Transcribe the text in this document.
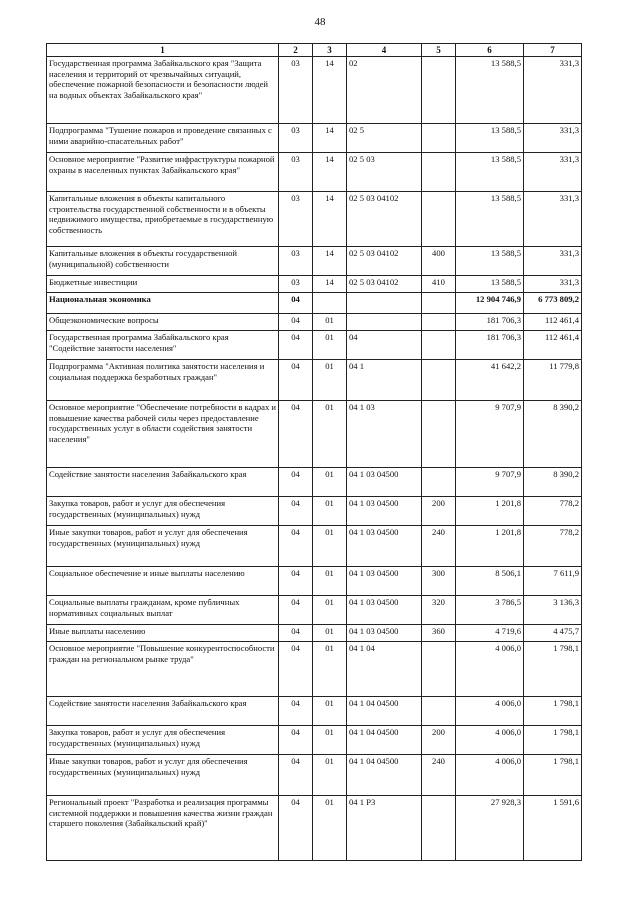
48
1	2	3	4	5	6	7
Государственная программа Забайкальского края "Защита населения и территорий от чрезвычайных ситуаций, обеспечение пожарной безопасности и безопасности людей на водных объектах Забайкальского края"	03	14	02		13 588,5	331,3
Подпрограмма "Тушение пожаров и проведение связанных с ними аварийно-спасательных работ"	03	14	02 5		13 588,5	331,3
Основное мероприятие "Развитие инфраструктуры пожарной охраны в населенных пунктах Забайкальского края"	03	14	02 5 03		13 588,5	331,3
Капитальные вложения в объекты капитального строительства государственной собственности и в объекты недвижимого имущества, приобретаемые в государственную собственность	03	14	02 5 03 04102		13 588,5	331,3
Капитальные вложения в объекты государственной (муниципальной) собственности	03	14	02 5 03 04102	400	13 588,5	331,3
Бюджетные инвестиции	03	14	02 5 03 04102	410	13 588,5	331,3
Национальная экономика	04				12 904 746,9	6 773 809,2
Общеэкономические вопросы	04	01			181 706,3	112 461,4
Государственная программа Забайкальского края "Содействие занятости населения"	04	01	04		181 706,3	112 461,4
Подпрограмма "Активная политика занятости населения и социальная поддержка безработных граждан"	04	01	04 1		41 642,2	11 779,8
Основное мероприятие "Обеспечение потребности в кадрах и повышение качества рабочей силы через предоставление государственных услуг в области содействия занятости населения"	04	01	04 1 03		9 707,9	8 390,2
Содействие занятости населения Забайкальского края	04	01	04 1 03 04500		9 707,9	8 390,2
Закупка товаров, работ и услуг для обеспечения государственных (муниципальных) нужд	04	01	04 1 03 04500	200	1 201,8	778,2
Иные закупки товаров, работ и услуг для обеспечения государственных (муниципальных) нужд	04	01	04 1 03 04500	240	1 201,8	778,2
Социальное обеспечение и иные выплаты населению	04	01	04 1 03 04500	300	8 506,1	7 611,9
Социальные выплаты гражданам, кроме публичных нормативных социальных выплат	04	01	04 1 03 04500	320	3 786,5	3 136,3
Иные выплаты населению	04	01	04 1 03 04500	360	4 719,6	4 475,7
Основное мероприятие "Повышение конкурентоспособности граждан на региональном рынке труда"	04	01	04 1 04		4 006,0	1 798,1
Содействие занятости населения Забайкальского края	04	01	04 1 04 04500		4 006,0	1 798,1
Закупка товаров, работ и услуг для обеспечения государственных (муниципальных) нужд	04	01	04 1 04 04500	200	4 006,0	1 798,1
Иные закупки товаров, работ и услуг для обеспечения государственных (муниципальных) нужд	04	01	04 1 04 04500	240	4 006,0	1 798,1
Региональный проект "Разработка и реализация программы системной поддержки и повышения качества жизни граждан старшего поколения (Забайкальский край)"	04	01	04 1 P3		27 928,3	1 591,6
